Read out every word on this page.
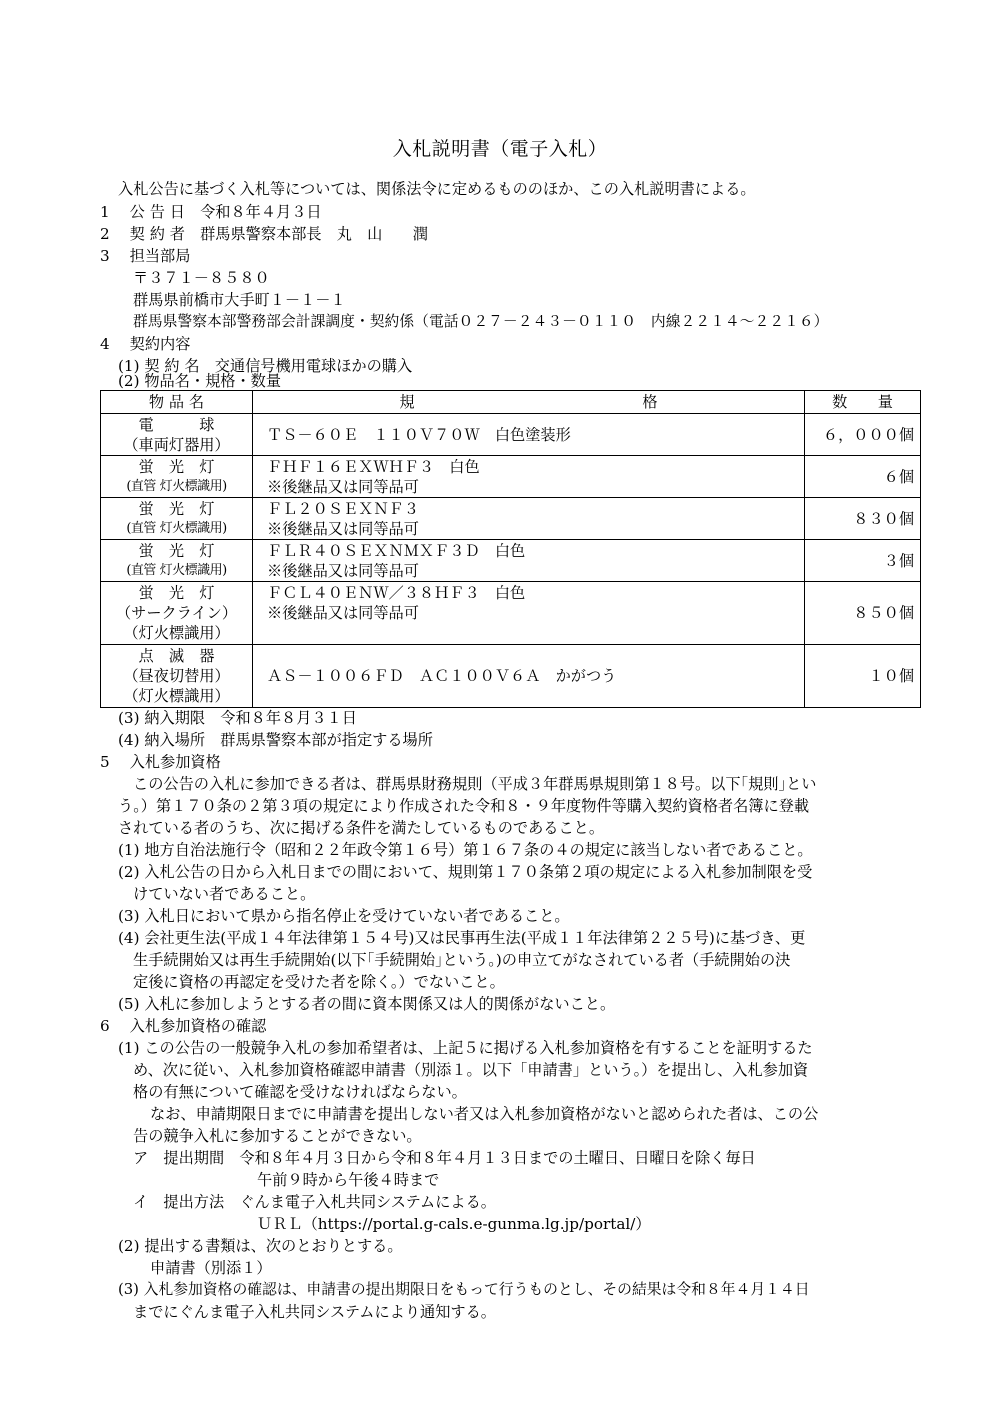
入札説明書（電子入札）
入札公告に基づく入札等については、関係法令に定めるもののほか、この入札説明書による。
1　 公 告 日　令和８年４月３日
2　 契 約 者　群馬県警察本部長　丸　山　　潤
3　 担当部局
〒３７１－８５８０
群馬県前橋市大手町１－１－１
群馬県警察本部警務部会計課調度・契約係（電話０２７－２４３－０１１０　内線２２１４～２２１６）
4　 契約内容
(1) 契 約 名　交通信号機用電球ほかの購入
(2) 物品名・規格・数量
物 品 名	規　　　　　　　　　　　　　　　格	数　　量

電　　　球
（車両灯器用）	ＴＳ－６０Ｅ　１１０Ｖ７０Ｗ　白色塗装形	６，０００個

蛍　光　灯
(直管 灯火標識用)	ＦＨＦ１６ＥＸＷＨＦ３　白色
※後継品又は同等品可	６個

蛍　光　灯
(直管 灯火標識用)	ＦＬ２０ＳＥＸＮＦ３
※後継品又は同等品可	８３０個

蛍　光　灯
(直管 灯火標識用)	ＦＬＲ４０ＳＥＸＮＭＸＦ３Ｄ　白色
※後継品又は同等品可	３個

蛍　光　灯
（サークライン）
（灯火標識用）	ＦＣＬ４０ＥＮＷ／３８ＨＦ３　白色
※後継品又は同等品可	８５０個

点　滅　器
（昼夜切替用）
（灯火標識用）	ＡＳ－１００６ＦＤ　ＡＣ１００Ｖ６Ａ　かがつう	１０個
(3) 納入期限　令和８年８月３１日
(4) 納入場所　群馬県警察本部が指定する場所
5　 入札参加資格
この公告の入札に参加できる者は、群馬県財務規則（平成３年群馬県規則第１８号。以下｢規則｣とい
う。）第１７０条の２第３項の規定により作成された令和８・９年度物件等購入契約資格者名簿に登載
されている者のうち、次に掲げる条件を満たしているものであること。
(1) 地方自治法施行令（昭和２２年政令第１６号）第１６７条の４の規定に該当しない者であること。
(2) 入札公告の日から入札日までの間において、規則第１７０条第２項の規定による入札参加制限を受
けていない者であること。
(3) 入札日において県から指名停止を受けていない者であること。
(4) 会社更生法(平成１４年法律第１５４号)又は民事再生法(平成１１年法律第２２５号)に基づき、更
生手続開始又は再生手続開始(以下｢手続開始｣という。)の申立てがなされている者（手続開始の決
定後に資格の再認定を受けた者を除く。）でないこと。
(5) 入札に参加しようとする者の間に資本関係又は人的関係がないこと。
6　 入札参加資格の確認
(1) この公告の一般競争入札の参加希望者は、上記５に掲げる入札参加資格を有することを証明するた
め、次に従い、入札参加資格確認申請書（別添１。以下「申請書」という。）を提出し、入札参加資
格の有無について確認を受けなければならない。
なお、申請期限日までに申請書を提出しない者又は入札参加資格がないと認められた者は、この公
告の競争入札に参加することができない。
ア　提出期間　令和８年４月３日から令和８年４月１３日までの土曜日、日曜日を除く毎日
午前９時から午後４時まで
イ　提出方法　ぐんま電子入札共同システムによる。
ＵＲＬ（https://portal.g-cals.e-gunma.lg.jp/portal/）
(2) 提出する書類は、次のとおりとする。
申請書（別添１）
(3) 入札参加資格の確認は、申請書の提出期限日をもって行うものとし、その結果は令和８年４月１４日
までにぐんま電子入札共同システムにより通知する。
